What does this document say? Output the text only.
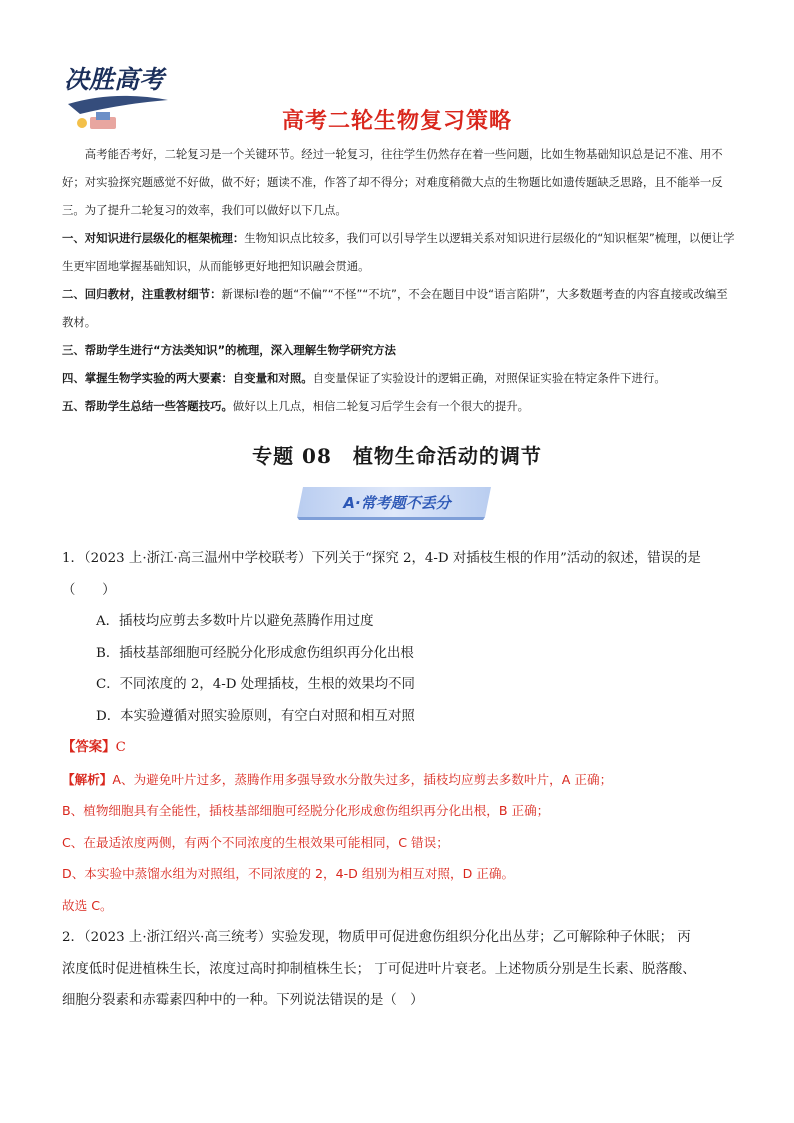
决胜高考
高考二轮生物复习策略

高考能否考好，二轮复习是一个关键环节。经过一轮复习，往往学生仍然存在着一些问题，比如生物基础知识总是记不准、用不好；对实验探究题感觉不好做，做不好；题读不准，作答了却不得分；对难度稍微大点的生物题比如遗传题缺乏思路，且不能举一反三。为了提升二轮复习的效率，我们可以做好以下几点。

一、对知识进行层级化的框架梳理：生物知识点比较多，我们可以引导学生以逻辑关系对知识进行层级化的“知识框架”梳理，以便让学生更牢固地掌握基础知识，从而能够更好地把知识融会贯通。

二、回归教材，注重教材细节：新课标Ⅰ卷的题“不偏”“不怪”“不坑”，不会在题目中设“语言陷阱”，大多数题考查的内容直接或改编至教材。

三、帮助学生进行“方法类知识”的梳理，深入理解生物学研究方法

四、掌握生物学实验的两大要素：自变量和对照。自变量保证了实验设计的逻辑正确，对照保证实验在特定条件下进行。

五、帮助学生总结一些答题技巧。做好以上几点，相信二轮复习后学生会有一个很大的提升。

专题 08　植物生命活动的调节
A·常考题不丢分

1．（2023 上·浙江·高三温州中学校联考）下列关于“探究 2，4-D 对插枝生根的作用”活动的叙述，错误的是

（　　）

A．插枝均应剪去多数叶片以避免蒸腾作用过度

B．插枝基部细胞可经脱分化形成愈伤组织再分化出根

C．不同浓度的 2，4-D 处理插枝，生根的效果均不同

D．本实验遵循对照实验原则，有空白对照和相互对照

【答案】C

【解析】A、为避免叶片过多，蒸腾作用多强导致水分散失过多，插枝均应剪去多数叶片，A 正确；

B、植物细胞具有全能性，插枝基部细胞可经脱分化形成愈伤组织再分化出根，B 正确；

C、在最适浓度两侧，有两个不同浓度的生根效果可能相同，C 错误；

D、本实验中蒸馏水组为对照组，不同浓度的 2，4-D 组别为相互对照，D 正确。

故选 C。

2．（2023 上·浙江绍兴·高三统考）实验发现，物质甲可促进愈伤组织分化出丛芽；乙可解除种子休眠； 丙

浓度低时促进植株生长，浓度过高时抑制植株生长； 丁可促进叶片衰老。上述物质分别是生长素、脱落酸、

细胞分裂素和赤霉素四种中的一种。下列说法错误的是（　）
